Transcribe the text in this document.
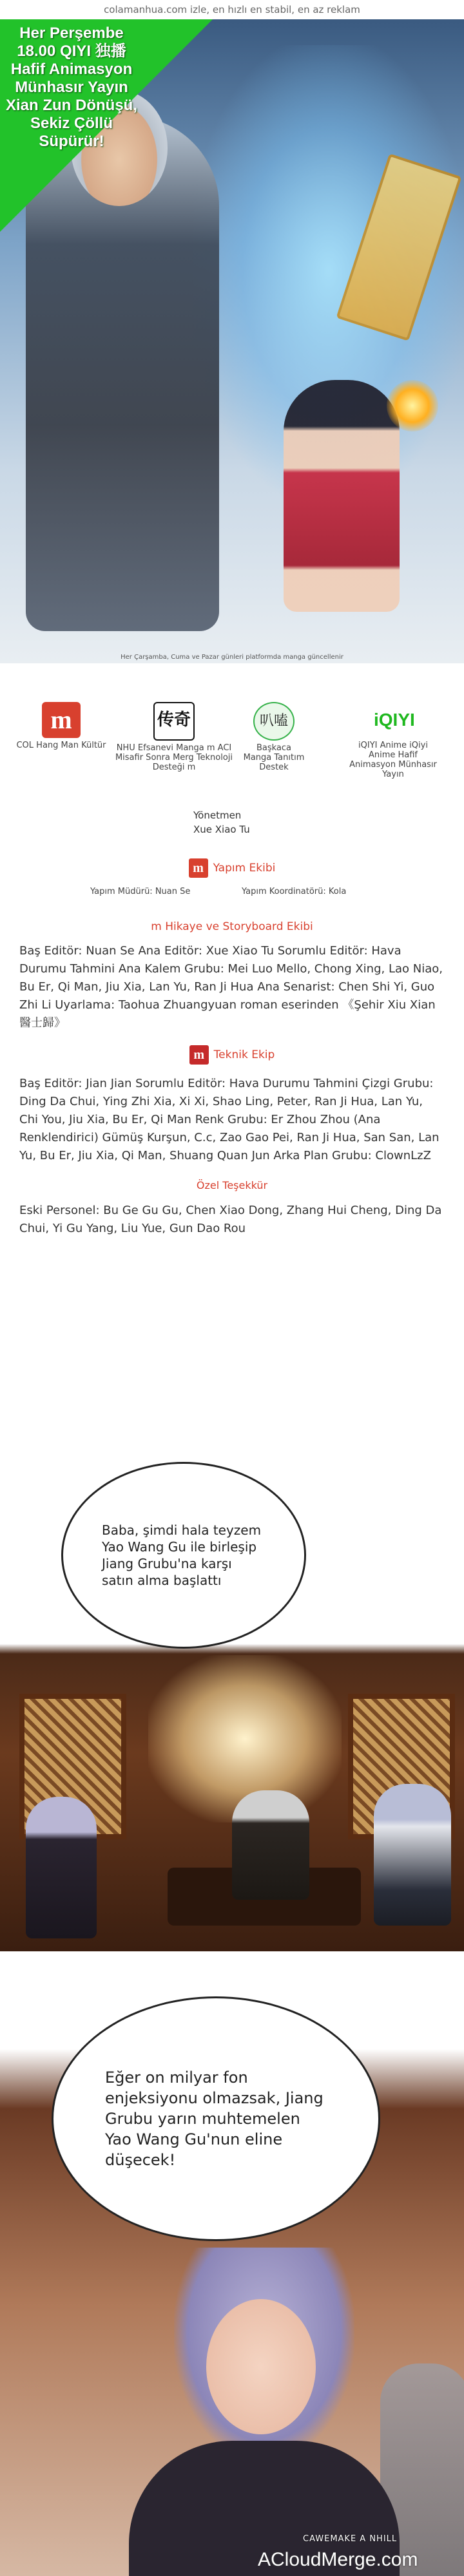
colamanhua.com izle, en hızlı en stabil, en az reklam
Her Perşembe
18.00 QIYI 独播
Hafif Animasyon
Münhasır Yayın
Xian Zun Dönüşü,
Sekiz Çöllü
Süpürür!
Her Çarşamba, Cuma ve Pazar günleri platformda manga güncellenir
m
COL Hang Man Kültür
传奇
NHU Efsanevi Manga m ACI Misafir Sonra Merg Teknoloji Desteği m
叭嗑
Başkaca Manga Tanıtım Destek
iQIYI
iQIYI Anime iQiyi Anime Hafif Animasyon Münhasır Yayın
Yönetmen
Xue Xiao Tu
m Yapım Ekibi
Yapım Müdürü: Nuan Se	Yapım Koordinatörü: Kola
m Hikaye ve Storyboard Ekibi

Baş Editör: Nuan Se Ana Editör: Xue Xiao Tu Sorumlu Editör: Hava Durumu Tahmini Ana Kalem Grubu: Mei Luo Mello, Chong Xing, Lao Niao, Bu Er, Qi Man, Jiu Xia, Lan Yu, Ran Ji Hua Ana Senarist: Chen Shi Yi, Guo Zhi Li Uyarlama: Taohua Zhuangyuan roman eserinden 《Şehir Xiu Xian醫士歸》

m Teknik Ekip

Baş Editör: Jian Jian Sorumlu Editör: Hava Durumu Tahmini Çizgi Grubu: Ding Da Chui, Ying Zhi Xia, Xi Xi, Shao Ling, Peter, Ran Ji Hua, Lan Yu, Chi You, Jiu Xia, Bu Er, Qi Man Renk Grubu: Er Zhou Zhou (Ana Renklendirici) Gümüş Kurşun, C.c, Zao Gao Pei, Ran Ji Hua, San San, Lan Yu, Bu Er, Jiu Xia, Qi Man, Shuang Quan Jun Arka Plan Grubu: ClownLzZ

Özel Teşekkür

Eski Personel: Bu Ge Gu Gu, Chen Xiao Dong, Zhang Hui Cheng, Ding Da Chui, Yi Gu Yang, Liu Yue, Gun Dao Rou

Baba, şimdi hala teyzem Yao Wang Gu ile birleşip Jiang Grubu'na karşı satın alma başlattı
Eğer on milyar fon enjeksiyonu olmazsak, Jiang Grubu yarın muhtemelen Yao Wang Gu'nun eline düşecek!
CAWEMAKE A NHILL
ACloudMerge.com
